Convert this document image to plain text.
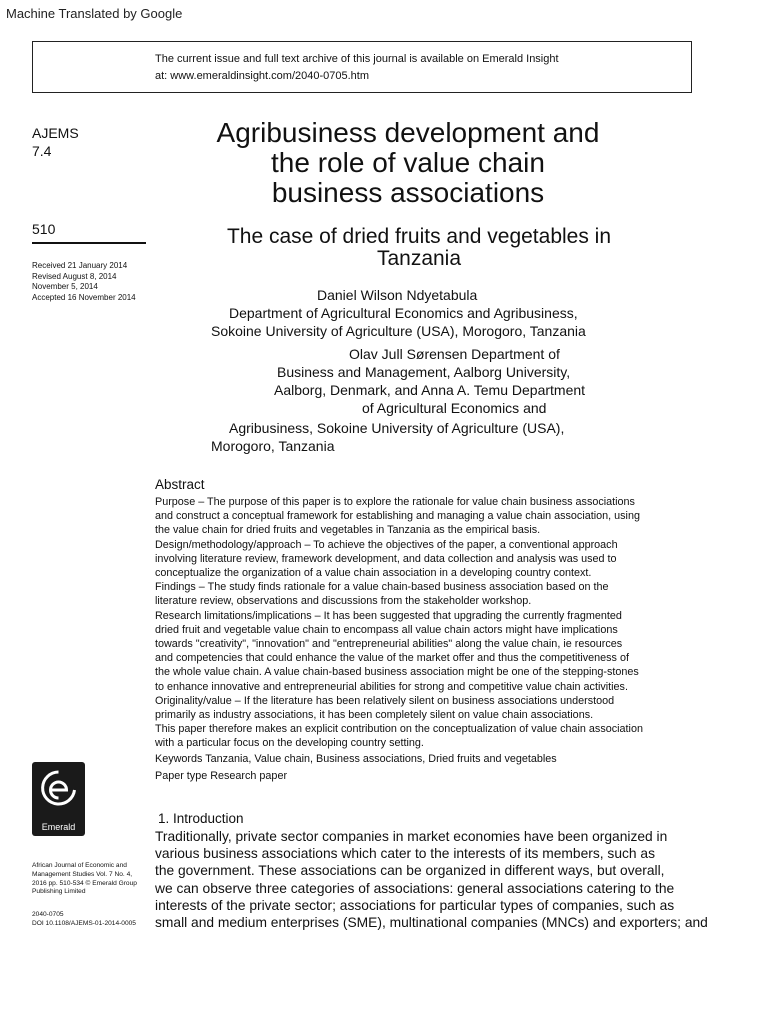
Machine Translated by Google
The current issue and full text archive of this journal is available on Emerald Insight
at: www.emeraldinsight.com/2040-0705.htm
AJEMS
7.4
510
Received 21 January 2014
Revised August 8, 2014
November 5, 2014
Accepted 16 November 2014
Agribusiness development and
the role of value chain
business associations
The case of dried fruits and vegetables in
Tanzania
Daniel Wilson Ndyetabula
Department of Agricultural Economics and Agribusiness,
Sokoine University of Agriculture (USA), Morogoro, Tanzania
Olav Jull Sørensen Department of
Business and Management, Aalborg University,
Aalborg, Denmark, and Anna A. Temu Department
of Agricultural Economics and
Agribusiness, Sokoine University of Agriculture (USA),
Morogoro, Tanzania
Abstract
Purpose – The purpose of this paper is to explore the rationale for value chain business associations
and construct a conceptual framework for establishing and managing a value chain association, using
the value chain for dried fruits and vegetables in Tanzania as the empirical basis.
Design/methodology/approach – To achieve the objectives of the paper, a conventional approach
involving literature review, framework development, and data collection and analysis was used to
conceptualize the organization of a value chain association in a developing country context.
Findings – The study finds rationale for a value chain-based business association based on the
literature review, observations and discussions from the stakeholder workshop.
Research limitations/implications – It has been suggested that upgrading the currently fragmented
dried fruit and vegetable value chain to encompass all value chain actors might have implications
towards "creativity", "innovation" and "entrepreneurial abilities" along the value chain, ie resources
and competencies that could enhance the value of the market offer and thus the competitiveness of
the whole value chain. A value chain-based business association might be one of the stepping-stones
to enhance innovative and entrepreneurial abilities for strong and competitive value chain activities.
Originality/value – If the literature has been relatively silent on business associations understood
primarily as industry associations, it has been completely silent on value chain associations.
This paper therefore makes an explicit contribution on the conceptualization of value chain association
with a particular focus on the developing country setting.
Keywords Tanzania, Value chain, Business associations, Dried fruits and vegetables
Paper type Research paper
Emerald
African Journal of Economic and
Management Studies Vol. 7 No. 4,
2016 pp. 510-534 © Emerald Group
Publishing Limited
2040-0705
DOI 10.1108/AJEMS-01-2014-0005
1. Introduction
Traditionally, private sector companies in market economies have been organized in
various business associations which cater to the interests of its members, such as
the government. These associations can be organized in different ways, but overall,
we can observe three categories of associations: general associations catering to the
interests of the private sector; associations for particular types of companies, such as
small and medium enterprises (SME), multinational companies (MNCs) and exporters; and
